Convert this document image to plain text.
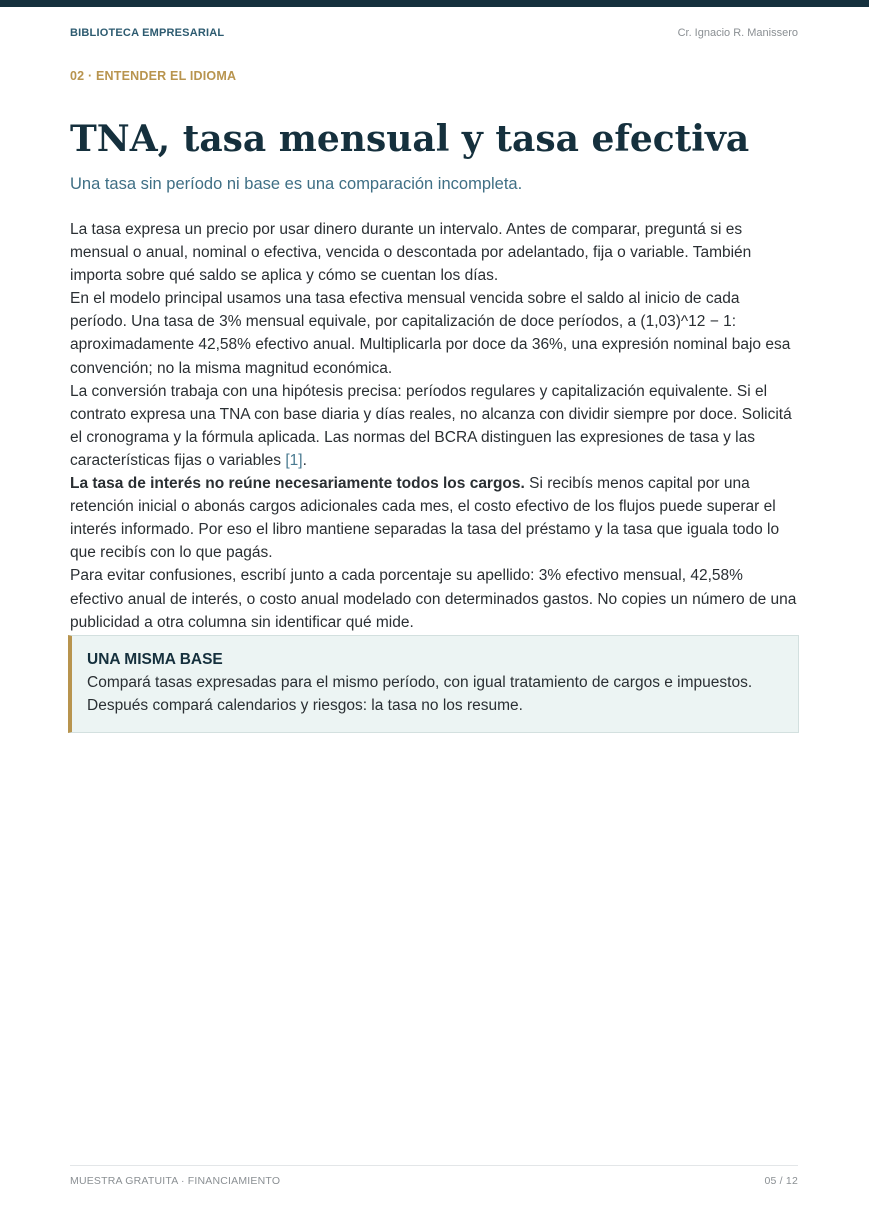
BIBLIOTECA EMPRESARIAL	Cr. Ignacio R. Manissero
02 · ENTENDER EL IDIOMA
TNA, tasa mensual y tasa efectiva
Una tasa sin período ni base es una comparación incompleta.

La tasa expresa un precio por usar dinero durante un intervalo. Antes de comparar, preguntá si es mensual o anual, nominal o efectiva, vencida o descontada por adelantado, fija o variable. También importa sobre qué saldo se aplica y cómo se cuentan los días.

En el modelo principal usamos una tasa efectiva mensual vencida sobre el saldo al inicio de cada período. Una tasa de 3% mensual equivale, por capitalización de doce períodos, a (1,03)^12 − 1: aproximadamente 42,58% efectivo anual. Multiplicarla por doce da 36%, una expresión nominal bajo esa convención; no la misma magnitud económica.

La conversión trabaja con una hipótesis precisa: períodos regulares y capitalización equivalente. Si el contrato expresa una TNA con base diaria y días reales, no alcanza con dividir siempre por doce. Solicitá el cronograma y la fórmula aplicada. Las normas del BCRA distinguen las expresiones de tasa y las características fijas o variables [1].

La tasa de interés no reúne necesariamente todos los cargos. Si recibís menos capital por una retención inicial o abonás cargos adicionales cada mes, el costo efectivo de los flujos puede superar el interés informado. Por eso el libro mantiene separadas la tasa del préstamo y la tasa que iguala todo lo que recibís con lo que pagás.

Para evitar confusiones, escribí junto a cada porcentaje su apellido: 3% efectivo mensual, 42,58% efectivo anual de interés, o costo anual modelado con determinados gastos. No copies un número de una publicidad a otra columna sin identificar qué mide.

UNA MISMA BASE
Compará tasas expresadas para el mismo período, con igual tratamiento de cargos e impuestos. Después compará calendarios y riesgos: la tasa no los resume.
MUESTRA GRATUITA · FINANCIAMIENTO	05 / 12
